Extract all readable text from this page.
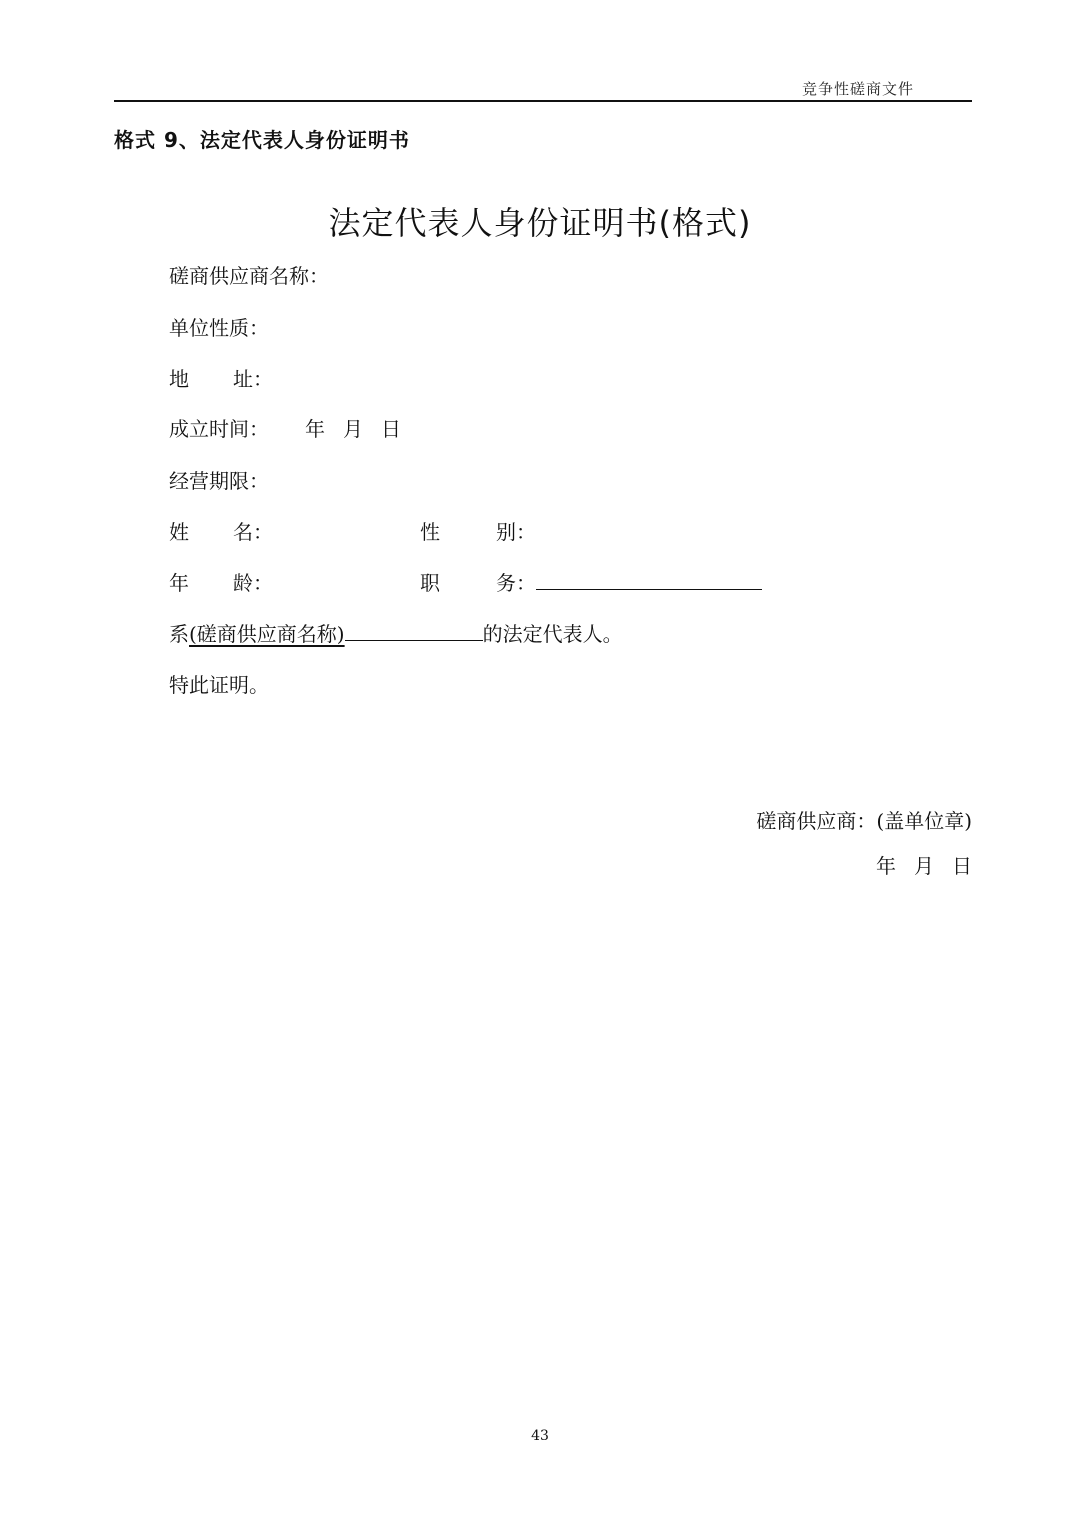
竞争性磋商文件
格式 9、法定代表人身份证明书
法定代表人身份证明书(格式)
磋商供应商名称：
单位性质：
地 址：
成立时间： 年 月 日
经营期限：
姓 名：	性	别：
年 龄：	职	务：
系(磋商供应商名称)	的法定代表人。
特此证明。
磋商供应商：(盖单位章)
年 月 日
43
